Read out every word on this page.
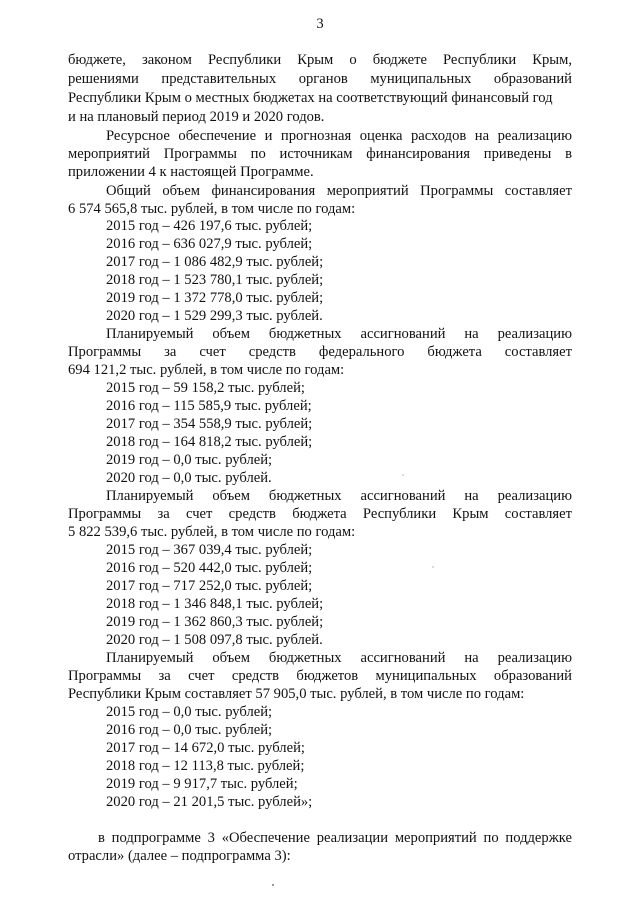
3
бюджете, законом Республики Крым о бюджете Республики Крым,
решениями представительных органов муниципальных образований
Республики Крым о местных бюджетах на соответствующий финансовый год
и на плановый период 2019 и 2020 годов.
Ресурсное обеспечение и прогнозная оценка расходов на реализацию
мероприятий Программы по источникам финансирования приведены в
приложении 4 к настоящей Программе.
Общий объем финансирования мероприятий Программы составляет
6 574 565,8 тыс. рублей, в том числе по годам:
2015 год – 426 197,6 тыс. рублей;
2016 год – 636 027,9 тыс. рублей;
2017 год – 1 086 482,9 тыс. рублей;
2018 год – 1 523 780,1 тыс. рублей;
2019 год – 1 372 778,0 тыс. рублей;
2020 год – 1 529 299,3 тыс. рублей.
Планируемый объем бюджетных ассигнований на реализацию
Программы за счет средств федерального бюджета составляет
694 121,2 тыс. рублей, в том числе по годам:
2015 год – 59 158,2 тыс. рублей;
2016 год – 115 585,9 тыс. рублей;
2017 год – 354 558,9 тыс. рублей;
2018 год – 164 818,2 тыс. рублей;
2019 год – 0,0 тыс. рублей;
2020 год – 0,0 тыс. рублей.
Планируемый объем бюджетных ассигнований на реализацию
Программы за счет средств бюджета Республики Крым составляет
5 822 539,6 тыс. рублей, в том числе по годам:
2015 год – 367 039,4 тыс. рублей;
2016 год – 520 442,0 тыс. рублей;
2017 год – 717 252,0 тыс. рублей;
2018 год – 1 346 848,1 тыс. рублей;
2019 год – 1 362 860,3 тыс. рублей;
2020 год – 1 508 097,8 тыс. рублей.
Планируемый объем бюджетных ассигнований на реализацию
Программы за счет средств бюджетов муниципальных образований
Республики Крым составляет 57 905,0 тыс. рублей, в том числе по годам:
2015 год – 0,0 тыс. рублей;
2016 год – 0,0 тыс. рублей;
2017 год – 14 672,0 тыс. рублей;
2018 год – 12 113,8 тыс. рублей;
2019 год – 9 917,7 тыс. рублей;
2020 год – 21 201,5 тыс. рублей»;
в подпрограмме 3 «Обеспечение реализации мероприятий по поддержке
отрасли» (далее – подпрограмма 3):
